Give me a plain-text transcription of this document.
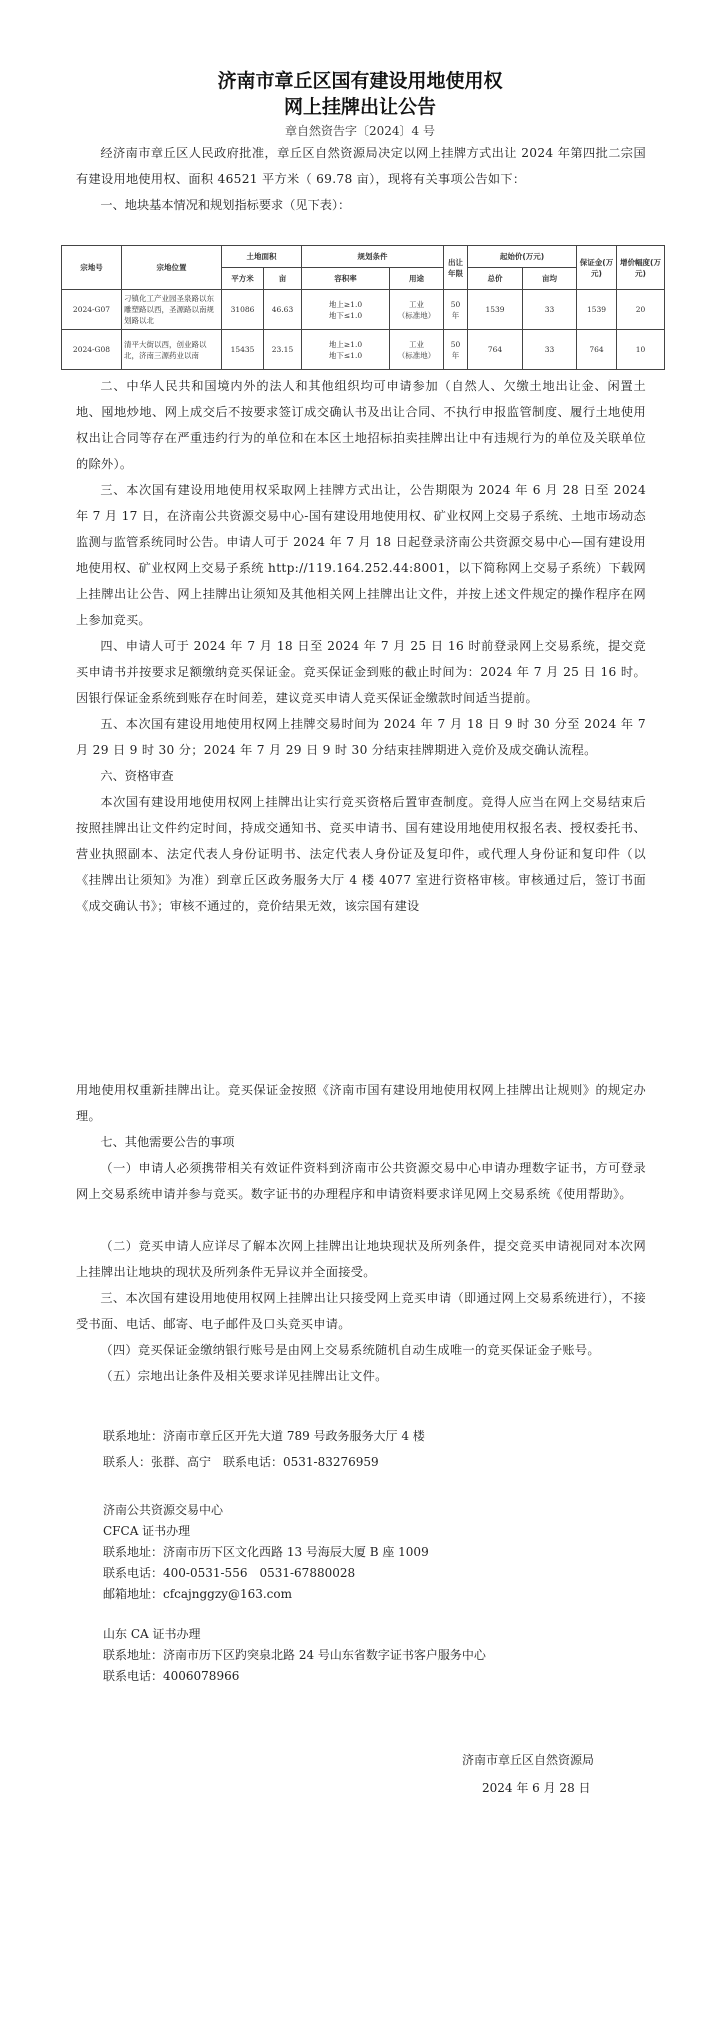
济南市章丘区国有建设用地使用权
网上挂牌出让公告
章自然资告字〔2024〕4 号

经济南市章丘区人民政府批准，章丘区自然资源局决定以网上挂牌方式出让 2024 年第四批二宗国有建设用地使用权、面积 46521 平方米（ 69.78 亩），现将有关事项公告如下：

一、地块基本情况和规划指标要求（见下表）：

宗地号	宗地位置	土地面积		规划条件		出让年限	起始价(万元)		保证金(万元)	增价幅度(万元)
		平方米	亩	容积率	用途		总价	亩均		
2024-G07	刁镇化工产业园圣泉路以东雕塑路以西，圣源路以南规划路以北	31086	46.63	地上≥1.0
地下≤1.0	工业
（标准地）	50 年	1539	33	1539	20
2024-G08	清平大街以西，创业路以北，济南三源药业以南	15435	23.15	地上≥1.0
地下≤1.0	工业
（标准地）	50 年	764	33	764	10

二、中华人民共和国境内外的法人和其他组织均可申请参加（自然人、欠缴土地出让金、闲置土地、囤地炒地、网上成交后不按要求签订成交确认书及出让合同、不执行申报监管制度、履行土地使用权出让合同等存在严重违约行为的单位和在本区土地招标拍卖挂牌出让中有违规行为的单位及关联单位的除外）。

三、本次国有建设用地使用权采取网上挂牌方式出让，公告期限为 2024 年 6 月 28 日至 2024 年 7 月 17 日，在济南公共资源交易中心-国有建设用地使用权、矿业权网上交易子系统、土地市场动态监测与监管系统同时公告。申请人可于 2024 年 7 月 18 日起登录济南公共资源交易中心—国有建设用地使用权、矿业权网上交易子系统 http://119.164.252.44:8001，以下简称网上交易子系统）下载网上挂牌出让公告、网上挂牌出让须知及其他相关网上挂牌出让文件，并按上述文件规定的操作程序在网上参加竞买。

四、申请人可于 2024 年 7 月 18 日至 2024 年 7 月 25 日 16 时前登录网上交易系统，提交竞买申请书并按要求足额缴纳竞买保证金。竞买保证金到账的截止时间为：2024 年 7 月 25 日 16 时。因银行保证金系统到账存在时间差，建议竞买申请人竞买保证金缴款时间适当提前。

五、本次国有建设用地使用权网上挂牌交易时间为 2024 年 7 月 18 日 9 时 30 分至 2024 年 7 月 29 日 9 时 30 分；2024 年 7 月 29 日 9 时 30 分结束挂牌期进入竞价及成交确认流程。

六、资格审查

本次国有建设用地使用权网上挂牌出让实行竞买资格后置审查制度。竞得人应当在网上交易结束后按照挂牌出让文件约定时间，持成交通知书、竞买申请书、国有建设用地使用权报名表、授权委托书、营业执照副本、法定代表人身份证明书、法定代表人身份证及复印件，或代理人身份证和复印件（以《挂牌出让须知》为准）到章丘区政务服务大厅 4 楼 4077 室进行资格审核。审核通过后，签订书面《成交确认书》；审核不通过的，竞价结果无效，该宗国有建设

用地使用权重新挂牌出让。竞买保证金按照《济南市国有建设用地使用权网上挂牌出让规则》的规定办理。

七、其他需要公告的事项

（一）申请人必须携带相关有效证件资料到济南市公共资源交易中心申请办理数字证书，方可登录网上交易系统申请并参与竞买。数字证书的办理程序和申请资料要求详见网上交易系统《使用帮助》。

（二）竞买申请人应详尽了解本次网上挂牌出让地块现状及所列条件，提交竞买申请视同对本次网上挂牌出让地块的现状及所列条件无异议并全面接受。

三、本次国有建设用地使用权网上挂牌出让只接受网上竞买申请（即通过网上交易系统进行），不接受书面、电话、邮寄、电子邮件及口头竞买申请。

（四）竞买保证金缴纳银行账号是由网上交易系统随机自动生成唯一的竞买保证金子账号。

（五）宗地出让条件及相关要求详见挂牌出让文件。

联系地址：济南市章丘区开先大道 789 号政务服务大厅 4 楼
联系人：张群、高宁　联系电话：0531-83276959
济南公共资源交易中心
CFCA 证书办理
联系地址：济南市历下区文化西路 13 号海辰大厦 B 座 1009
联系电话：400-0531-556　0531-67880028
邮箱地址：cfcajnggzy@163.com
山东 CA 证书办理
联系地址：济南市历下区趵突泉北路 24 号山东省数字证书客户服务中心
联系电话：4006078966
济南市章丘区自然资源局
2024 年 6 月 28 日
